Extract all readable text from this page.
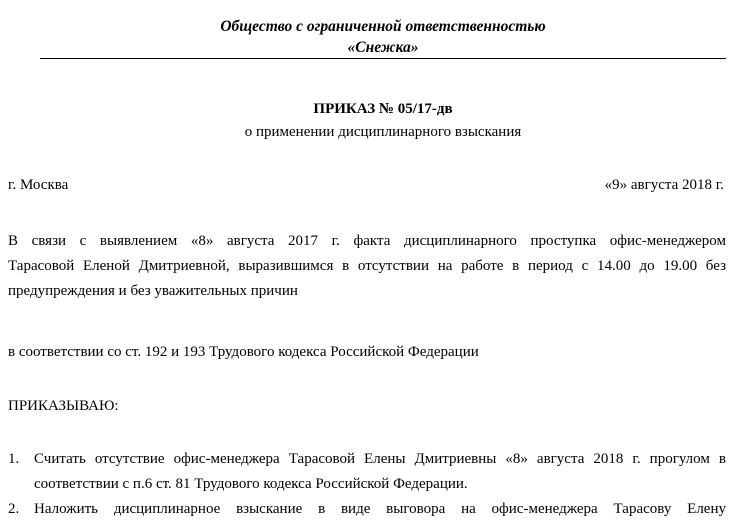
Общество с ограниченной ответственностью
«Снежка»
ПРИКАЗ № 05/17-дв
о применении дисциплинарного взыскания
г. Москва	«9» августа 2018 г.
В связи с выявлением «8» августа 2017 г. факта дисциплинарного проступка офис-менеджером
Тарасовой Еленой Дмитриевной, выразившимся в отсутствии на работе в период с 14.00 до 19.00 без
предупреждения и без уважительных причин
в соответствии со ст. 192 и 193 Трудового кодекса Российской Федерации
ПРИКАЗЫВАЮ:
1. Считать отсутствие офис-менеджера Тарасовой Елены Дмитриевны «8» августа 2018 г. прогулом в
соответствии с п.6 ст. 81 Трудового кодекса Российской Федерации.
2. Наложить дисциплинарное взыскание в виде выговора на офис-менеджера Тарасову Елену
